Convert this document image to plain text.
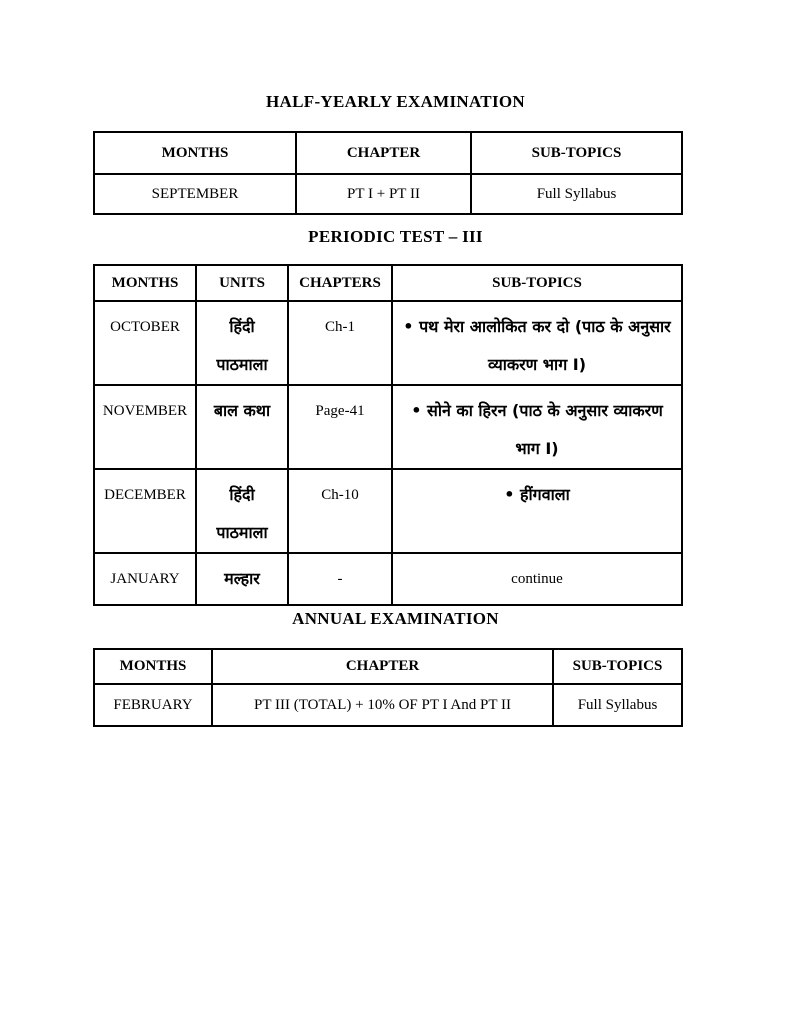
HALF-YEARLY EXAMINATION
MONTHS	CHAPTER	SUB-TOPICS
SEPTEMBER	PT I + PT II	Full Syllabus
PERIODIC TEST – III
MONTHS	UNITS	CHAPTERS	SUB-TOPICS
OCTOBER	हिंदी पाठमाला	Ch-1	• पथ मेरा आलोकित कर दो (पाठ के अनुसार व्याकरण भाग I)
NOVEMBER	बाल कथा	Page-41	• सोने का हिरन (पाठ के अनुसार व्याकरण भाग I)
DECEMBER	हिंदी पाठमाला	Ch-10	• हींगवाला
JANUARY	मल्हार	-	continue
ANNUAL EXAMINATION
MONTHS	CHAPTER	SUB-TOPICS
FEBRUARY	PT III (TOTAL) + 10% OF PT I And PT II	Full Syllabus
